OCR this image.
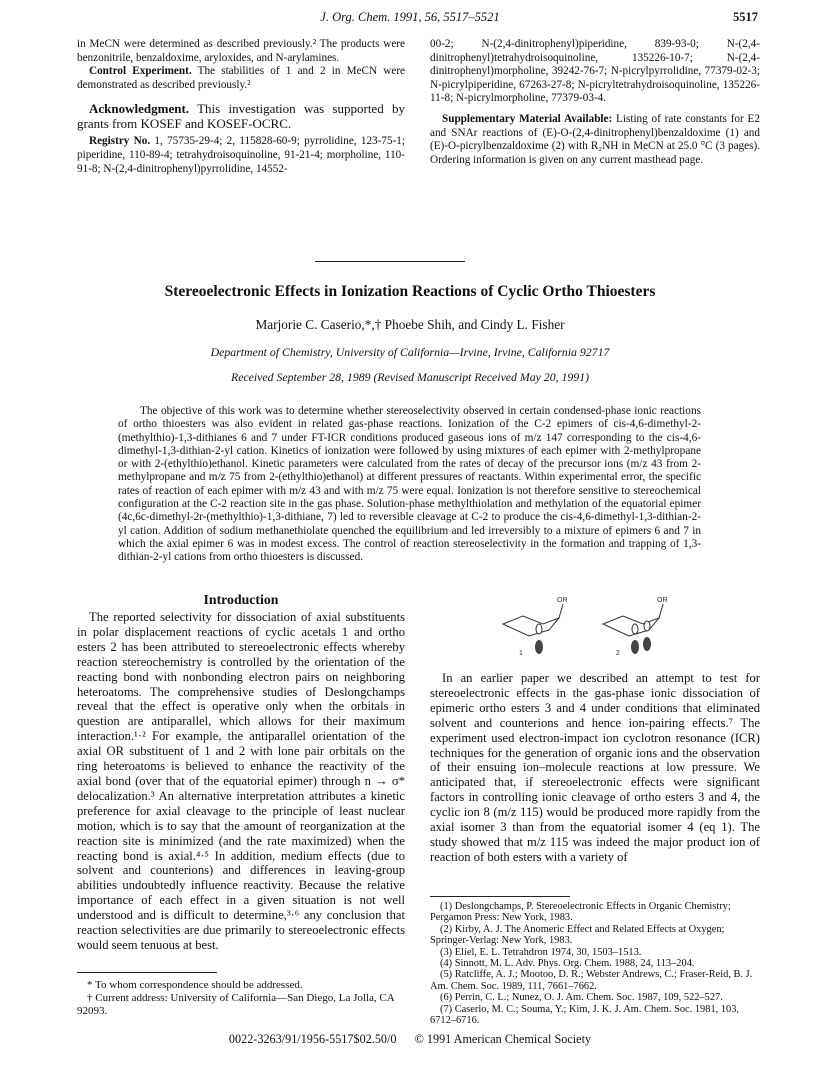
J. Org. Chem. 1991, 56, 5517–5521	5517

in MeCN were determined as described previously.² The products were benzonitrile, benzaldoxime, aryloxides, and N-arylamines.

Control Experiment. The stabilities of 1 and 2 in MeCN were demonstrated as described previously.²

Acknowledgment. This investigation was supported by grants from KOSEF and KOSEF-OCRC.

Registry No. 1, 75735-29-4; 2, 115828-60-9; pyrrolidine, 123-75-1; piperidine, 110-89-4; tetrahydroisoquinoline, 91-21-4; morpholine, 110-91-8; N-(2,4-dinitrophenyl)pyrrolidine, 14552-

00-2; N-(2,4-dinitrophenyl)piperidine, 839-93-0; N-(2,4-dinitrophenyl)tetrahydroisoquinoline, 135226-10-7; N-(2,4-dinitrophenyl)morpholine, 39242-76-7; N-picrylpyrrolidine, 77379-02-3; N-picrylpiperidine, 67263-27-8; N-picryltetrahydroisoquinoline, 135226-11-8; N-picrylmorpholine, 77379-03-4.

Supplementary Material Available: Listing of rate constants for E2 and SNAr reactions of (E)-O-(2,4-dinitrophenyl)benzaldoxime (1) and (E)-O-picrylbenzaldoxime (2) with R₂NH in MeCN at 25.0 °C (3 pages). Ordering information is given on any current masthead page.

Stereoelectronic Effects in Ionization Reactions of Cyclic Ortho Thioesters
Marjorie C. Caserio,*,† Phoebe Shih, and Cindy L. Fisher
Department of Chemistry, University of California—Irvine, Irvine, California 92717
Received September 28, 1989 (Revised Manuscript Received May 20, 1991)
The objective of this work was to determine whether stereoselectivity observed in certain condensed-phase ionic reactions of ortho thioesters was also evident in related gas-phase reactions. Ionization of the C-2 epimers of cis-4,6-dimethyl-2-(methylthio)-1,3-dithianes 6 and 7 under FT-ICR conditions produced gaseous ions of m/z 147 corresponding to the cis-4,6-dimethyl-1,3-dithian-2-yl cation. Kinetics of ionization were followed by using mixtures of each epimer with 2-methylpropane or with 2-(ethylthio)ethanol. Kinetic parameters were calculated from the rates of decay of the precursor ions (m/z 43 from 2-methylpropane and m/z 75 from 2-(ethylthio)ethanol) at different pressures of reactants. Within experimental error, the specific rates of reaction of each epimer with m/z 43 and with m/z 75 were equal. Ionization is not therefore sensitive to stereochemical configuration at the C-2 reaction site in the gas phase. Solution-phase methylthiolation and methylation of the equatorial epimer (4c,6c-dimethyl-2r-(methylthio)-1,3-dithiane, 7) led to reversible cleavage at C-2 to produce the cis-4,6-dimethyl-1,3-dithian-2-yl cation. Addition of sodium methanethiolate quenched the equilibrium and led irreversibly to a mixture of epimers 6 and 7 in which the axial epimer 6 was in modest excess. The control of reaction stereoselectivity in the formation and trapping of 1,3-dithian-2-yl cations from ortho thioesters is discussed.
Introduction
The reported selectivity for dissociation of axial substituents in polar displacement reactions of cyclic acetals 1 and ortho esters 2 has been attributed to stereoelectronic effects whereby reaction stereochemistry is controlled by the orientation of the reacting bond with nonbonding electron pairs on neighboring heteroatoms. The comprehensive studies of Deslongchamps reveal that the effect is operative only when the orbitals in question are antiparallel, which allows for their maximum interaction.¹·² For example, the antiparallel orientation of the axial OR substituent of 1 and 2 with lone pair orbitals on the ring heteroatoms is believed to enhance the reactivity of the axial bond (over that of the equatorial epimer) through n → σ* delocalization.³ An alternative interpretation attributes a kinetic preference for axial cleavage to the principle of least nuclear motion, which is to say that the amount of reorganization at the reaction site is minimized (and the rate maximized) when the reacting bond is axial.⁴·⁵ In addition, medium effects (due to solvent and counterions) and differences in leaving-group abilities undoubtedly influence reactivity. Because the relative importance of each effect in a given situation is not well understood and is difficult to determine,³·⁶ any conclusion that reaction selectivities are due primarily to stereoelectronic effects would seem tenuous at best.
OR
1
OR
2
In an earlier paper we described an attempt to test for stereoelectronic effects in the gas-phase ionic dissociation of epimeric ortho esters 3 and 4 under conditions that eliminated solvent and counterions and hence ion-pairing effects.⁷ The experiment used electron-impact ion cyclotron resonance (ICR) techniques for the generation of organic ions and the observation of their ensuing ion–molecule reactions at low pressure. We anticipated that, if stereoelectronic effects were significant factors in controlling ionic cleavage of ortho esters 3 and 4, the cyclic ion 8 (m/z 115) would be produced more rapidly from the axial isomer 3 than from the equatorial isomer 4 (eq 1). The study showed that m/z 115 was indeed the major product ion of reaction of both esters with a variety of
(1) Deslongchamps, P. Stereoelectronic Effects in Organic Chemistry; Pergamon Press: New York, 1983.
(2) Kirby, A. J. The Anomeric Effect and Related Effects at Oxygen; Springer-Verlag: New York, 1983.
(3) Eliel, E. L. Tetrahdron 1974, 30, 1503–1513.
(4) Sinnott, M. L. Adv. Phys. Org. Chem. 1988, 24, 113–204.
(5) Ratcliffe, A. J.; Mootoo, D. R.; Webster Andrews, C.; Fraser-Reid, B. J. Am. Chem. Soc. 1989, 111, 7661–7662.
(6) Perrin, C. L.; Nunez, O. J. Am. Chem. Soc. 1987, 109, 522–527.
(7) Caserio, M. C.; Souma, Y.; Kim, J. K. J. Am. Chem. Soc. 1981, 103, 6712–6716.
* To whom correspondence should be addressed.
† Current address: University of California—San Diego, La Jolla, CA 92093.
0022-3263/91/1956-5517$02.50/0 © 1991 American Chemical Society
